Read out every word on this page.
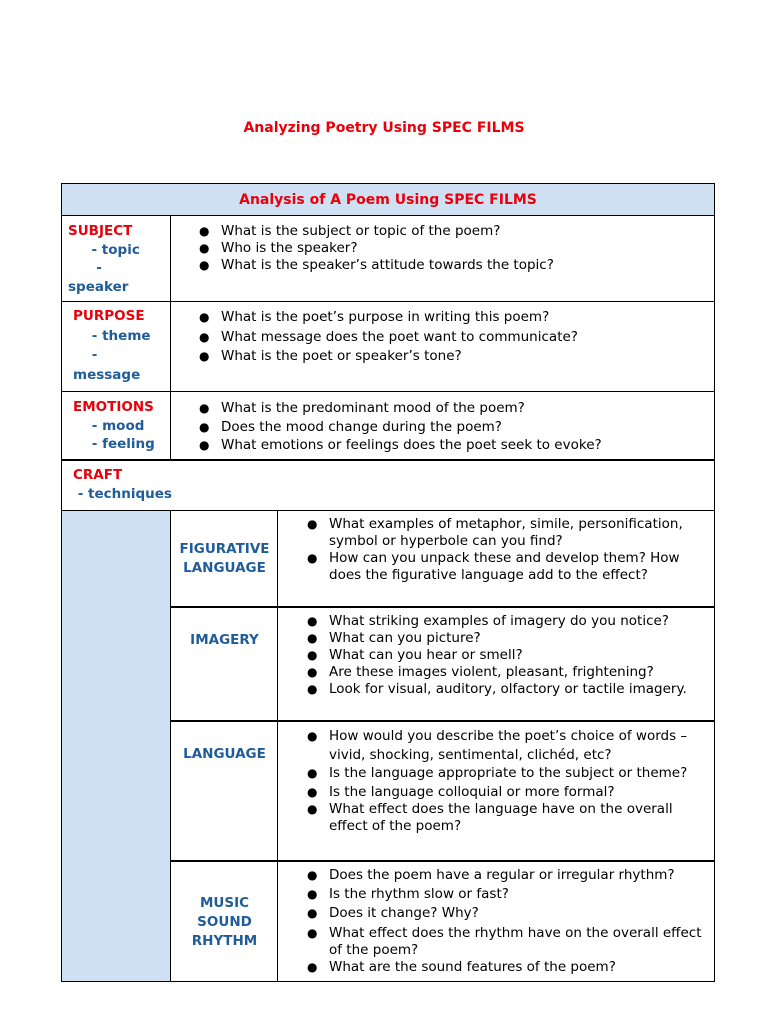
Analyzing Poetry Using SPEC FILMS
Analysis of A Poem Using SPEC FILMS
SUBJECT
- topic
-
speaker
● What is the subject or topic of the poem?
● Who is the speaker?
● What is the speaker’s attitude towards the topic?
PURPOSE
- theme
-
message
● What is the poet’s purpose in writing this poem?
● What message does the poet want to communicate?
● What is the poet or speaker’s tone?
EMOTIONS
- mood
- feeling
● What is the predominant mood of the poem?
● Does the mood change during the poem?
● What emotions or feelings does the poet seek to evoke?
CRAFT
- techniques
FIGURATIVE
LANGUAGE
● What examples of metaphor, simile, personification, symbol or hyperbole can you find?
● How can you unpack these and develop them? How does the figurative language add to the effect?
IMAGERY
● What striking examples of imagery do you notice?
● What can you picture?
● What can you hear or smell?
● Are these images violent, pleasant, frightening?
● Look for visual, auditory, olfactory or tactile imagery.
LANGUAGE
● How would you describe the poet’s choice of words – vivid, shocking, sentimental, clichéd, etc?
● Is the language appropriate to the subject or theme?
● Is the language colloquial or more formal?
● What effect does the language have on the overall effect of the poem?
MUSIC
SOUND
RHYTHM
● Does the poem have a regular or irregular rhythm?
● Is the rhythm slow or fast?
● Does it change? Why?
● What effect does the rhythm have on the overall effect of the poem?
● What are the sound features of the poem?
